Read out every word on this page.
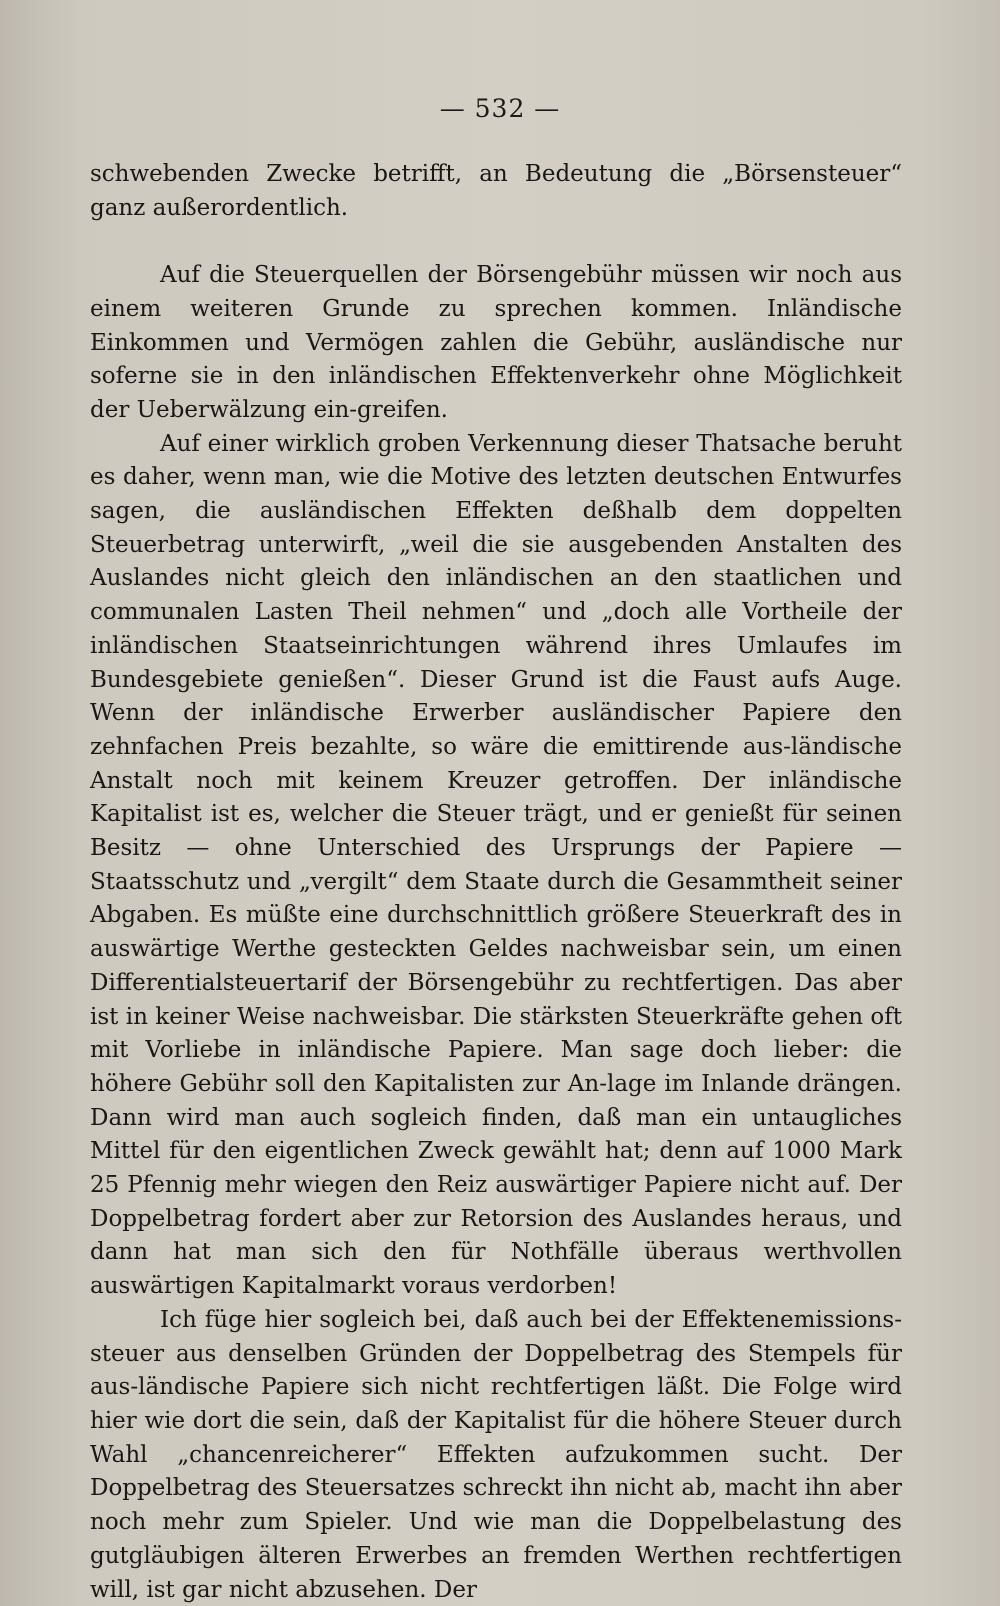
— 532 —

schwebenden Zwecke betrifft, an Bedeutung die „Börsensteuer“ ganz außerordentlich.

Auf die Steuerquellen der Börsengebühr müssen wir noch aus einem weiteren Grunde zu sprechen kommen. Inländische Einkommen und Vermögen zahlen die Gebühr, ausländische nur soferne sie in den inländischen Effektenverkehr ohne Möglichkeit der Ueberwälzung ein-greifen.

Auf einer wirklich groben Verkennung dieser Thatsache beruht es daher, wenn man, wie die Motive des letzten deutschen Entwurfes sagen, die ausländischen Effekten deßhalb dem doppelten Steuerbetrag unterwirft, „weil die sie ausgebenden Anstalten des Auslandes nicht gleich den inländischen an den staatlichen und communalen Lasten Theil nehmen“ und „doch alle Vortheile der inländischen Staatseinrichtungen während ihres Umlaufes im Bundesgebiete genießen“. Dieser Grund ist die Faust aufs Auge. Wenn der inländische Erwerber ausländischer Papiere den zehnfachen Preis bezahlte, so wäre die emittirende aus-ländische Anstalt noch mit keinem Kreuzer getroffen. Der inländische Kapitalist ist es, welcher die Steuer trägt, und er genießt für seinen Besitz — ohne Unterschied des Ursprungs der Papiere — Staatsschutz und „vergilt“ dem Staate durch die Gesammtheit seiner Abgaben. Es müßte eine durchschnittlich größere Steuerkraft des in auswärtige Werthe gesteckten Geldes nachweisbar sein, um einen Differentialsteuertarif der Börsengebühr zu rechtfertigen. Das aber ist in keiner Weise nachweisbar. Die stärksten Steuerkräfte gehen oft mit Vorliebe in inländische Papiere. Man sage doch lieber: die höhere Gebühr soll den Kapitalisten zur An-lage im Inlande drängen. Dann wird man auch sogleich finden, daß man ein untaugliches Mittel für den eigentlichen Zweck gewählt hat; denn auf 1000 Mark 25 Pfennig mehr wiegen den Reiz auswärtiger Papiere nicht auf. Der Doppelbetrag fordert aber zur Retorsion des Auslandes heraus, und dann hat man sich den für Nothfälle überaus werthvollen auswärtigen Kapitalmarkt voraus verdorben!

Ich füge hier sogleich bei, daß auch bei der Effektenemissions-steuer aus denselben Gründen der Doppelbetrag des Stempels für aus-ländische Papiere sich nicht rechtfertigen läßt. Die Folge wird hier wie dort die sein, daß der Kapitalist für die höhere Steuer durch Wahl „chancenreicherer“ Effekten aufzukommen sucht. Der Doppelbetrag des Steuersatzes schreckt ihn nicht ab, macht ihn aber noch mehr zum Spieler. Und wie man die Doppelbelastung des gutgläubigen älteren Erwerbes an fremden Werthen rechtfertigen will, ist gar nicht abzusehen. Der
